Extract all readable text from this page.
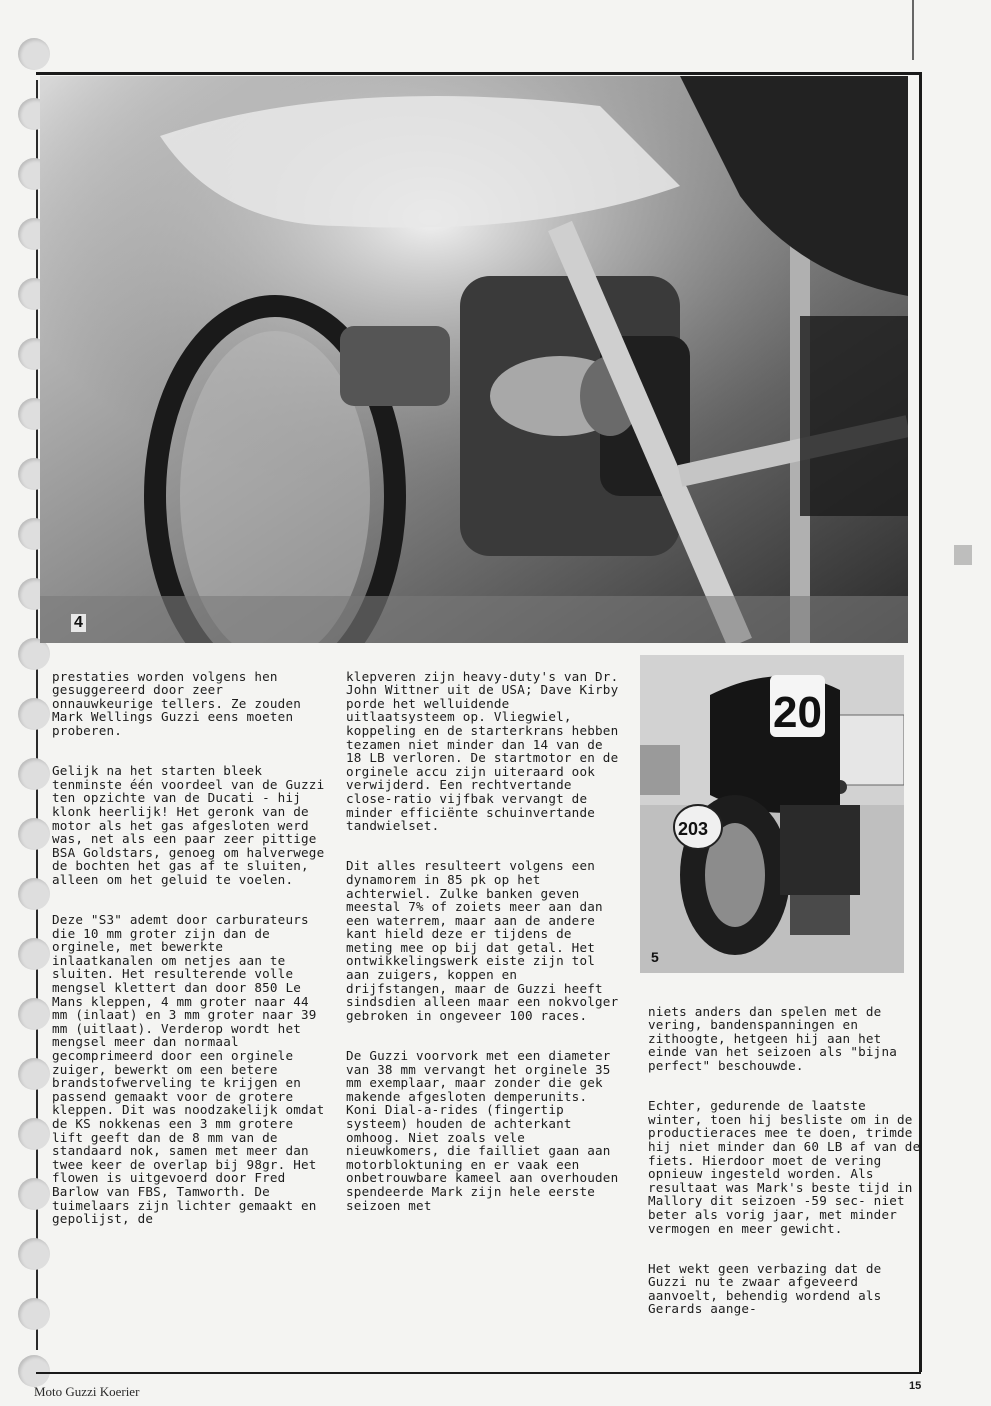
4
20
203
5

prestaties worden volgens hen gesuggereerd door zeer onnauwkeurige tellers. Ze zouden Mark Wellings Guzzi eens moeten proberen.

Gelijk na het starten bleek tenminste één voordeel van de Guzzi ten opzichte van de Ducati - hij klonk heerlijk! Het geronk van de motor als het gas afgesloten werd was, net als een paar zeer pittige BSA Goldstars, genoeg om halverwege de bochten het gas af te sluiten, alleen om het geluid te voelen.

Deze "S3" ademt door carburateurs die 10 mm groter zijn dan de orginele, met bewerkte inlaatkanalen om netjes aan te sluiten. Het resulterende volle mengsel klettert dan door 850 Le Mans kleppen, 4 mm groter naar 44 mm (inlaat) en 3 mm groter naar 39 mm (uitlaat). Verderop wordt het mengsel meer dan normaal gecomprimeerd door een orginele zuiger, bewerkt om een betere brandstofwerveling te krijgen en passend gemaakt voor de grotere kleppen. Dit was noodzakelijk omdat de KS nokkenas een 3 mm grotere lift geeft dan de 8 mm van de standaard nok, samen met meer dan twee keer de overlap bij 98gr. Het flowen is uitgevoerd door Fred Barlow van FBS, Tamworth. De tuimelaars zijn lichter gemaakt en gepolijst, de

klepveren zijn heavy-duty's van Dr. John Wittner uit de USA; Dave Kirby porde het welluidende uitlaatsysteem op. Vliegwiel, koppeling en de starterkrans hebben tezamen niet minder dan 14 van de 18 LB verloren. De startmotor en de orginele accu zijn uiteraard ook verwijderd. Een rechtvertande close-ratio vijfbak vervangt de minder efficiënte schuinvertande tandwielset.

Dit alles resulteert volgens een dynamorem in 85 pk op het achterwiel. Zulke banken geven meestal 7% of zoiets meer aan dan een waterrem, maar aan de andere kant hield deze er tijdens de meting mee op bij dat getal. Het ontwikkelingswerk eiste zijn tol aan zuigers, koppen en drijfstangen, maar de Guzzi heeft sindsdien alleen maar een nokvolger gebroken in ongeveer 100 races.

De Guzzi voorvork met een diameter van 38 mm vervangt het orginele 35 mm exemplaar, maar zonder die gek makende afgesloten demperunits.
Koni Dial-a-rides (fingertip systeem) houden de achterkant omhoog. Niet zoals vele nieuwkomers, die failliet gaan aan motorbloktuning en er vaak een onbetrouwbare kameel aan overhouden spendeerde Mark zijn hele eerste seizoen met

niets anders dan spelen met de vering, bandenspanningen en zithoogte, hetgeen hij aan het einde van het seizoen als "bijna perfect" beschouwde.

Echter, gedurende de laatste winter, toen hij besliste om in de productieraces mee te doen, trimde hij niet minder dan 60 LB af van de fiets. Hierdoor moet de vering opnieuw ingesteld worden. Als resultaat was Mark's beste tijd in Mallory dit seizoen -59 sec- niet beter als vorig jaar, met minder vermogen en meer gewicht.

Het wekt geen verbazing dat de Guzzi nu te zwaar afgeveerd aanvoelt, behendig wordend als Gerards aange-

Moto Guzzi Koerier	15
